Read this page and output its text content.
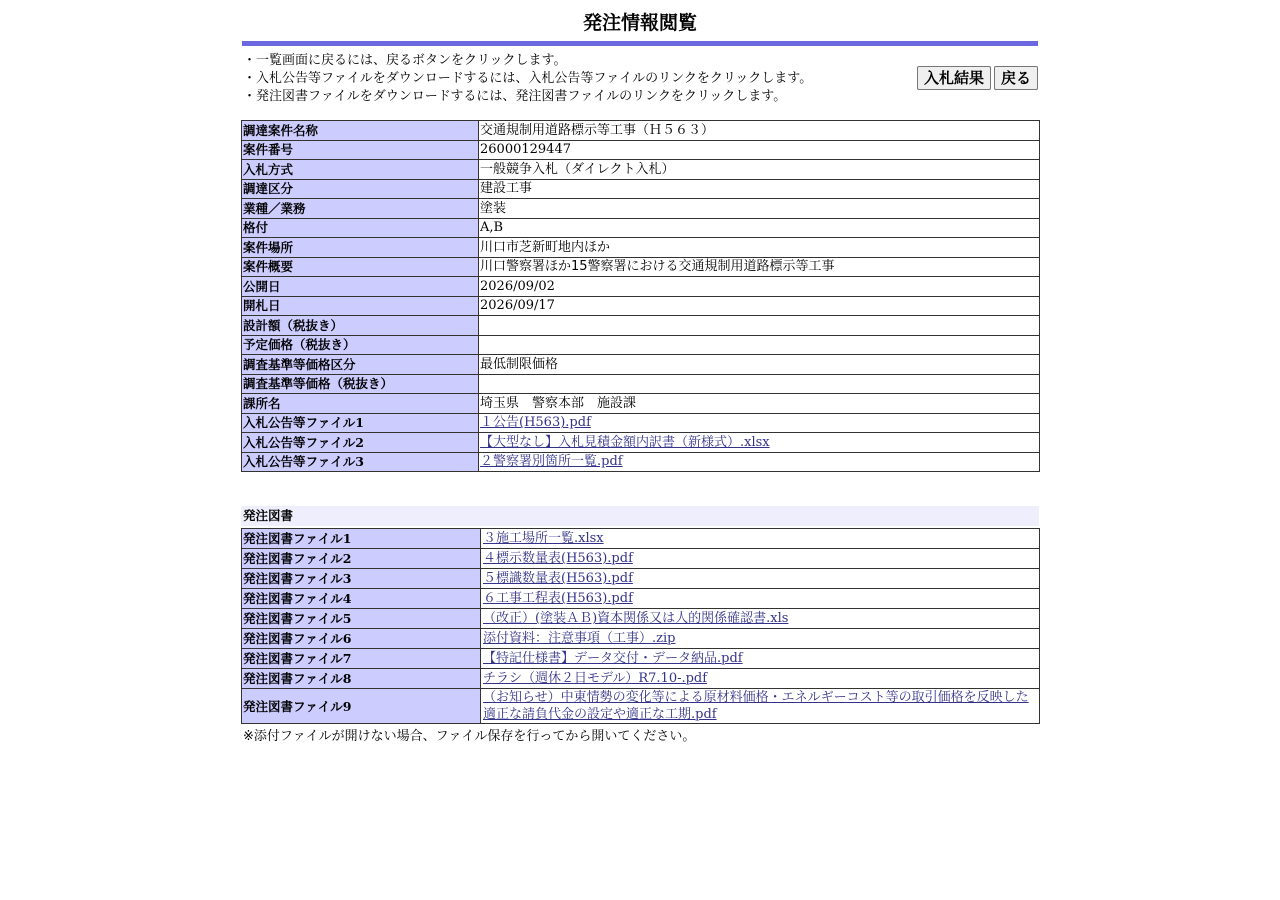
発注情報閲覧
・一覧画面に戻るには、戻るボタンをクリックします。
・入札公告等ファイルをダウンロードするには、入札公告等ファイルのリンクをクリックします。
・発注図書ファイルをダウンロードするには、発注図書ファイルのリンクをクリックします。
入札結果	戻る
調達案件名称	交通規制用道路標示等工事（Ｈ５６３）
案件番号	26000129447
入札方式	一般競争入札（ダイレクト入札）
調達区分	建設工事
業種／業務	塗装
格付	A,B
案件場所	川口市芝新町地内ほか
案件概要	川口警察署ほか15警察署における交通規制用道路標示等工事
公開日	2026/09/02
開札日	2026/09/17
設計額（税抜き）	
予定価格（税抜き）	
調査基準等価格区分	最低制限価格
調査基準等価格（税抜き）	
課所名	埼玉県　警察本部　施設課
入札公告等ファイル1	１公告(H563).pdf
入札公告等ファイル2	【大型なし】入札見積金額内訳書（新様式）.xlsx
入札公告等ファイル3	２警察署別箇所一覧.pdf
発注図書
発注図書ファイル1	３施工場所一覧.xlsx
発注図書ファイル2	４標示数量表(H563).pdf
発注図書ファイル3	５標識数量表(H563).pdf
発注図書ファイル4	６工事工程表(H563).pdf
発注図書ファイル5	（改正）(塗装ＡＢ)資本関係又は人的関係確認書.xls
発注図書ファイル6	添付資料：注意事項（工事）.zip
発注図書ファイル7	【特記仕様書】データ交付・データ納品.pdf
発注図書ファイル8	チラシ（週休２日モデル）R7.10-.pdf
発注図書ファイル9	（お知らせ）中東情勢の変化等による原材料価格・エネルギーコスト等の取引価格を反映した適正な請負代金の設定や適正な工期.pdf
※添付ファイルが開けない場合、ファイル保存を行ってから開いてください。
